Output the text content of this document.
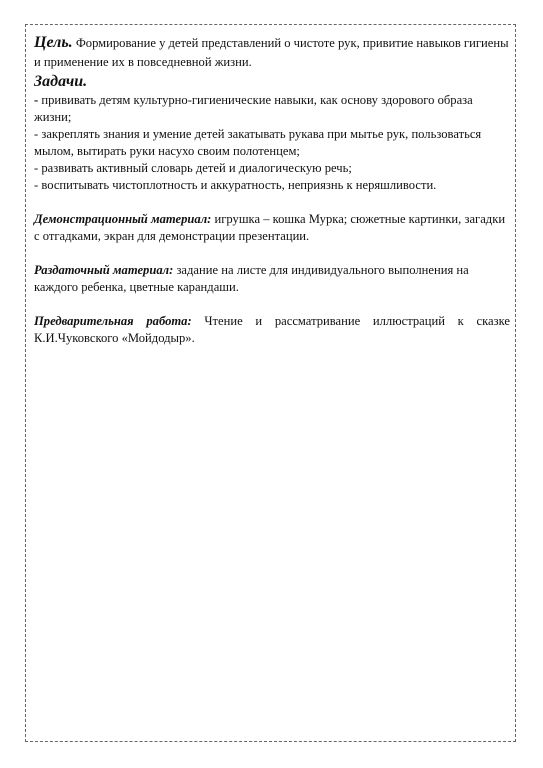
Цель. Формирование у детей представлений о чистоте рук, привитие навыков гигиены и применение их в повседневной жизни.

Задачи.

- прививать детям культурно-гигиенические навыки, как основу здорового образа жизни;

- закреплять знания и умение детей закатывать рукава при мытье рук, пользоваться мылом, вытирать руки насухо своим полотенцем;

- развивать активный словарь детей и диалогическую речь;

- воспитывать чистоплотность и аккуратность, неприязнь к неряшливости.

Демонстрационный материал: игрушка – кошка Мурка; сюжетные картинки, загадки с отгадками, экран для демонстрации презентации.

Раздаточный материал: задание на листе для индивидуального выполнения на каждого ребенка, цветные карандаши.

Предварительная работа: Чтение и рассматривание иллюстраций к сказке К.И.Чуковского «Мойдодыр».
